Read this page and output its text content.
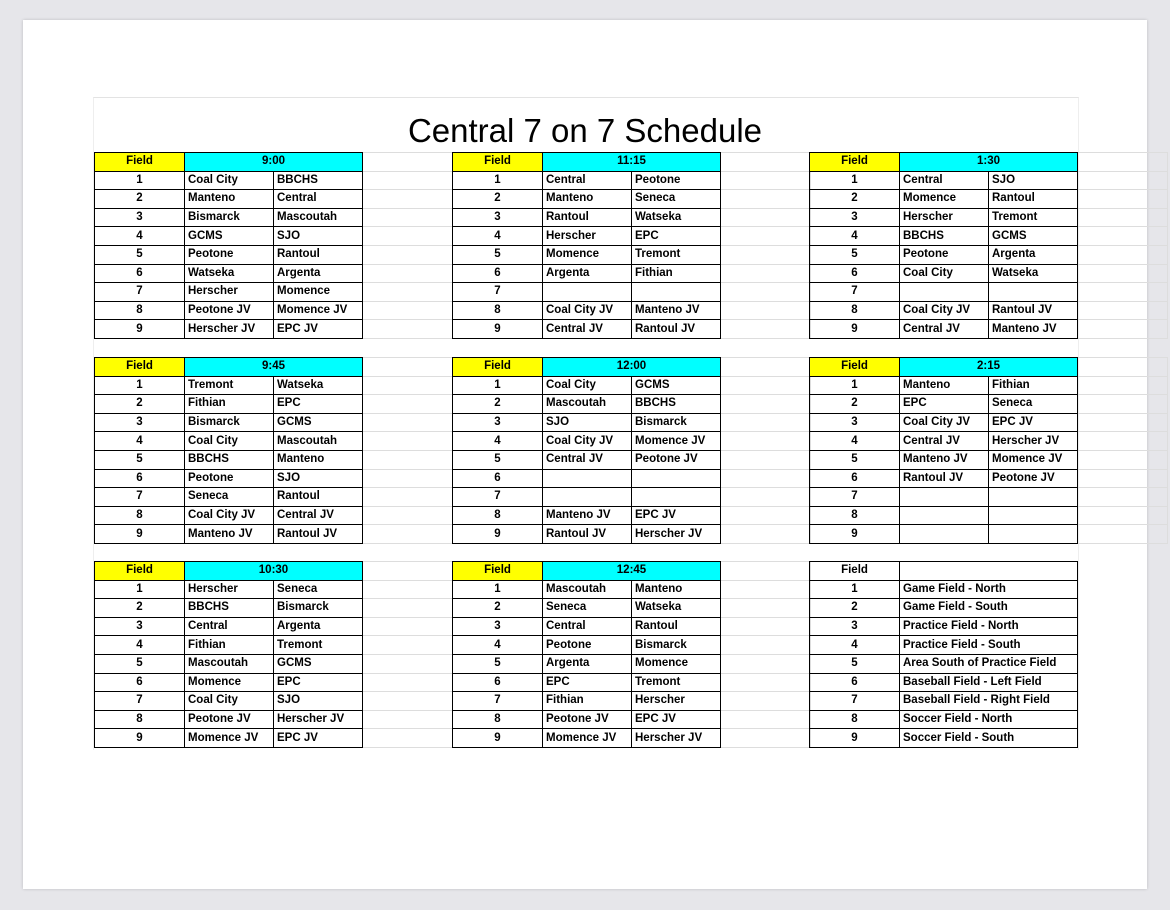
Central 7 on 7 Schedule
Field	9:00		
1	Coal City	BBCHS	
2	Manteno	Central	
3	Bismarck	Mascoutah	
4	GCMS	SJO	
5	Peotone	Rantoul	
6	Watseka	Argenta	
7	Herscher	Momence	
8	Peotone JV	Momence JV	
9	Herscher JV	EPC JV	
Field	11:15		
1	Central	Peotone	
2	Manteno	Seneca	
3	Rantoul	Watseka	
4	Herscher	EPC	
5	Momence	Tremont	
6	Argenta	Fithian	
7			
8	Coal City JV	Manteno JV	
9	Central JV	Rantoul JV	
Field	1:30		
1	Central	SJO	
2	Momence	Rantoul	
3	Herscher	Tremont	
4	BBCHS	GCMS	
5	Peotone	Argenta	
6	Coal City	Watseka	
7			
8	Coal City JV	Rantoul JV	
9	Central JV	Manteno JV	
Field	9:45		
1	Tremont	Watseka	
2	Fithian	EPC	
3	Bismarck	GCMS	
4	Coal City	Mascoutah	
5	BBCHS	Manteno	
6	Peotone	SJO	
7	Seneca	Rantoul	
8	Coal City JV	Central JV	
9	Manteno JV	Rantoul JV	
Field	12:00		
1	Coal City	GCMS	
2	Mascoutah	BBCHS	
3	SJO	Bismarck	
4	Coal City JV	Momence JV	
5	Central JV	Peotone JV	
6			
7			
8	Manteno JV	EPC JV	
9	Rantoul JV	Herscher JV	
Field	2:15		
1	Manteno	Fithian	
2	EPC	Seneca	
3	Coal City JV	EPC JV	
4	Central JV	Herscher JV	
5	Manteno JV	Momence JV	
6	Rantoul JV	Peotone JV	
7			
8			
9			
Field	10:30		
1	Herscher	Seneca	
2	BBCHS	Bismarck	
3	Central	Argenta	
4	Fithian	Tremont	
5	Mascoutah	GCMS	
6	Momence	EPC	
7	Coal City	SJO	
8	Peotone JV	Herscher JV	
9	Momence JV	EPC JV	
Field	12:45		
1	Mascoutah	Manteno	
2	Seneca	Watseka	
3	Central	Rantoul	
4	Peotone	Bismarck	
5	Argenta	Momence	
6	EPC	Tremont	
7	Fithian	Herscher	
8	Peotone JV	EPC JV	
9	Momence JV	Herscher JV	
Field	
1	Game Field - North
2	Game Field - South
3	Practice Field - North
4	Practice Field - South
5	Area South of Practice Field
6	Baseball Field - Left Field
7	Baseball Field - Right Field
8	Soccer Field - North
9	Soccer Field - South
